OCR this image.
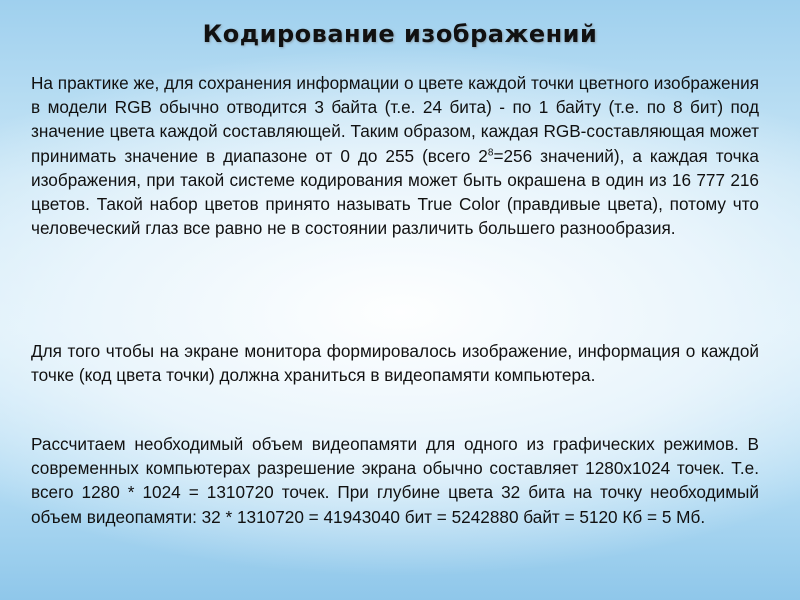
Кодирование изображений

На практике же, для сохранения информации о цвете каждой точки цветного изображения в модели RGB обычно отводится 3 байта (т.е. 24 бита) - по 1 байту (т.е. по 8 бит) под значение цвета каждой составляющей. Таким образом, каждая RGB-составляющая может принимать значение в диапазоне от 0 до 255 (всего $2^8=256$ значений), а каждая точка изображения, при такой системе кодирования может быть окрашена в один из 16 777 216 цветов. Такой набор цветов принято называть True Color (правдивые цвета), потому что человеческий глаз все равно не в состоянии различить большего разнообразия.

Для того чтобы на экране монитора формировалось изображение, информация о каждой точке (код цвета точки) должна храниться в видеопамяти компьютера.

Рассчитаем необходимый объем видеопамяти для одного из графических режимов. В современных компьютерах разрешение экрана обычно составляет 1280х1024 точек. Т.е. всего 1280 * 1024 = 1310720 точек. При глубине цвета 32 бита на точку необходимый объем видеопамяти: 32 * 1310720 = 41943040 бит = 5242880 байт = 5120 Кб = 5 Мб.
